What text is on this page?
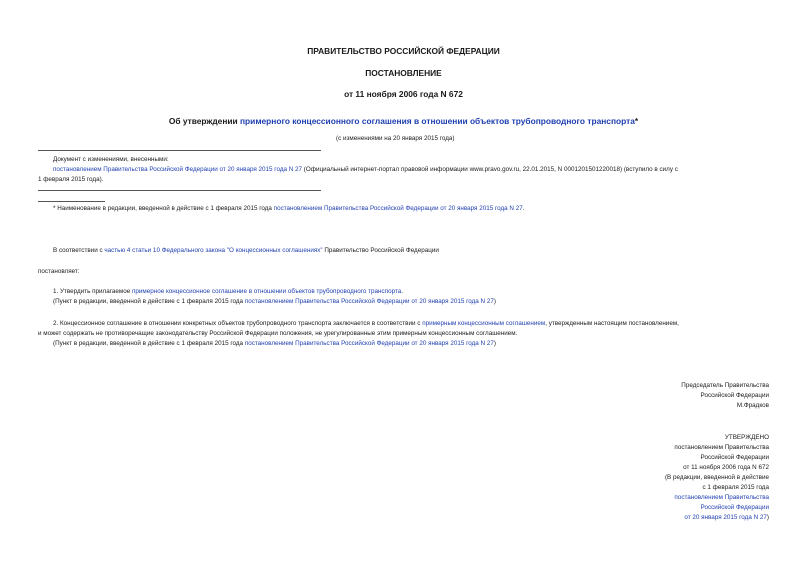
ПРАВИТЕЛЬСТВО РОССИЙСКОЙ ФЕДЕРАЦИИ
ПОСТАНОВЛЕНИЕ
от 11 ноября 2006 года N 672
Об утверждении примерного концессионного соглашения в отношении объектов трубопроводного транспорта*
(с изменениями на 20 января 2015 года)
Документ с изменениями, внесенными:
постановлением Правительства Российской Федерации от 20 января 2015 года N 27 (Официальный интернет-портал правовой информации www.pravo.gov.ru, 22.01.2015, N 0001201501220018) (вступило в силу с
1 февраля 2015 года).
* Наименование в редакции, введенной в действие с 1 февраля 2015 года постановлением Правительства Российской Федерации от 20 января 2015 года N 27.
В соответствии с частью 4 статьи 10 Федерального закона "О концессионных соглашениях" Правительство Российской Федерации
постановляет:
1. Утвердить прилагаемое примерное концессионное соглашение в отношении объектов трубопроводного транспорта.
(Пункт в редакции, введенной в действие с 1 февраля 2015 года постановлением Правительства Российской Федерации от 20 января 2015 года N 27)
2. Концессионное соглашение в отношении конкретных объектов трубопроводного транспорта заключается в соответствии с примерным концессионным соглашением, утвержденным настоящим постановлением,
и может содержать не противоречащие законодательству Российской Федерации положения, не урегулированные этим примерным концессионным соглашением.
(Пункт в редакции, введенной в действие с 1 февраля 2015 года постановлением Правительства Российской Федерации от 20 января 2015 года N 27)
Председатель Правительства
Российской Федерации
М.Фрадков
УТВЕРЖДЕНО
постановлением Правительства
Российской Федерации
от 11 ноября 2006 года N 672
(В редакции, введенной в действие
с 1 февраля 2015 года
постановлением Правительства
Российской Федерации
от 20 января 2015 года N 27)
